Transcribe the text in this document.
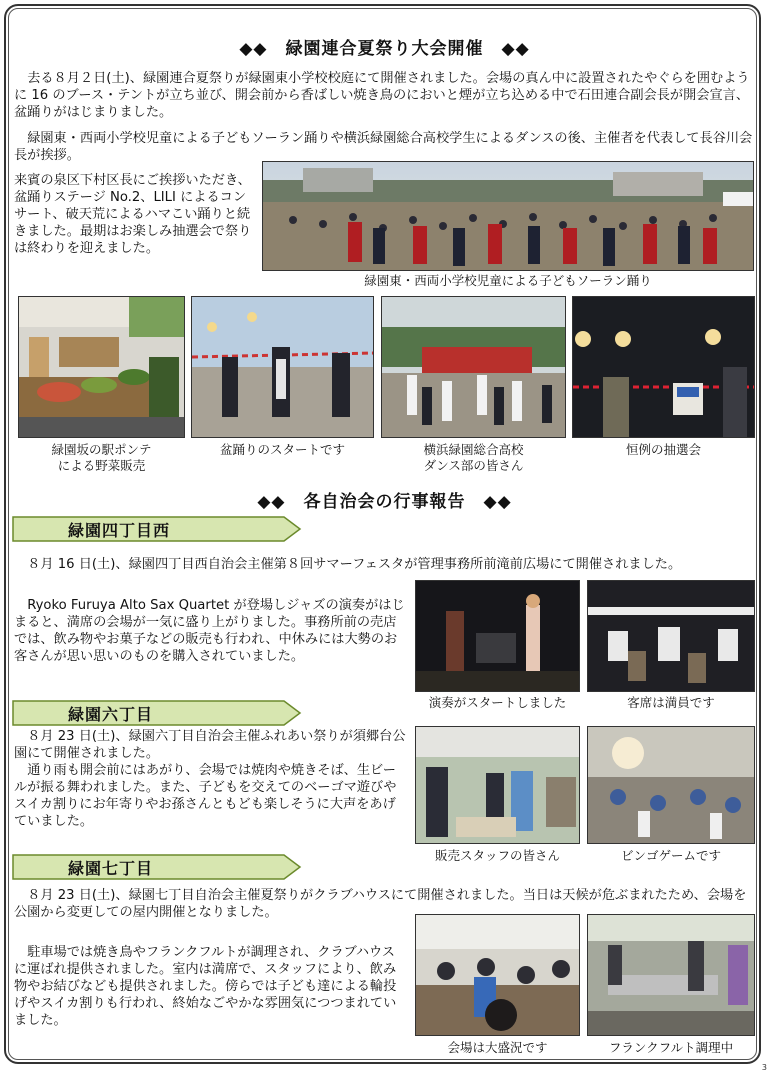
◆◆　緑園連合夏祭り大会開催　◆◆
去る８月２日(土)、緑園連合夏祭りが緑園東小学校校庭にて開催されました。会場の真ん中に設置されたやぐらを囲むように 16 のブース・テントが立ち並び、開会前から香ばしい焼き鳥のにおいと煙が立ち込める中で石田連合副会長が開会宣言、盆踊りがはじまりました。
緑園東・西両小学校児童による子どもソーラン踊りや横浜緑園総合高校学生によるダンスの後、主催者を代表して長谷川会長が挨拶。
来賓の泉区下村区長にご挨拶いただき、盆踊りステージ No.2、LILI によるコンサート、破天荒によるハマこい踊りと続きました。最期はお楽しみ抽選会で祭りは終わりを迎えました。
緑園東・西両小学校児童による子どもソーラン踊り
緑園坂の駅ポンテ
による野菜販売
盆踊りのスタートです	横浜緑園総合高校
ダンス部の皆さん
恒例の抽選会
◆◆　各自治会の行事報告　◆◆
緑園四丁目西
８月 16 日(土)、緑園四丁目西自治会主催第８回サマーフェスタが管理事務所前滝前広場にて開催されました。
Ryoko Furuya Alto Sax Quartet が登場しジャズの演奏がはじまると、満席の会場が一気に盛り上がりました。事務所前の売店では、飲み物やお菓子などの販売も行われ、中休みには大勢のお客さんが思い思いのものを購入されていました。
演奏がスタートしました	客席は満員です
緑園六丁目
８月 23 日(土)、緑園六丁目自治会主催ふれあい祭りが須郷台公園にて開催されました。
通り雨も開会前にはあがり、会場では焼肉や焼きそば、生ビールが振る舞われました。また、子どもを交えてのベーゴマ遊びやスイカ割りにお年寄りやお孫さんともども楽しそうに大声をあげていました。
販売スタッフの皆さん	ビンゴゲームです
緑園七丁目
８月 23 日(土)、緑園七丁目自治会主催夏祭りがクラブハウスにて開催されました。当日は天候が危ぶまれたため、会場を公園から変更しての屋内開催となりました。
駐車場では焼き鳥やフランクフルトが調理され、クラブハウスに運ばれ提供されました。室内は満席で、スタッフにより、飲み物やお結びなども提供されました。傍らでは子ども達による輪投げやスイカ割りも行われ、終始なごやかな雰囲気につつまれていました。
会場は大盛況です	フランクフルト調理中
3
